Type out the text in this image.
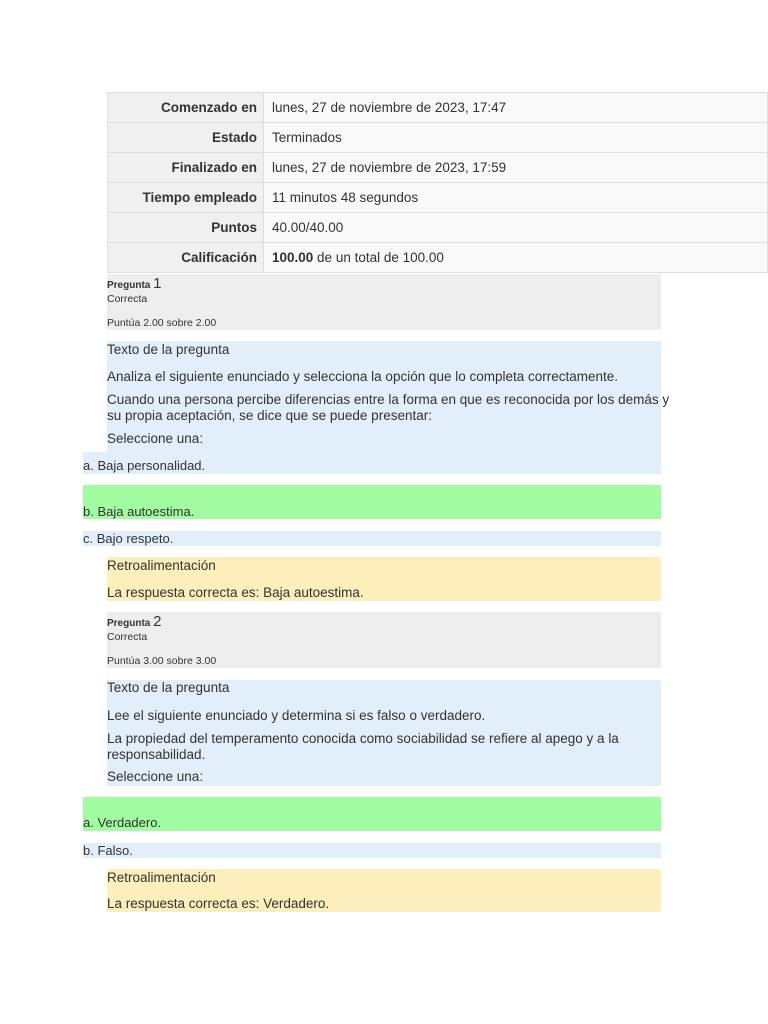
Comenzado en	lunes, 27 de noviembre de 2023, 17:47
Estado	Terminados
Finalizado en	lunes, 27 de noviembre de 2023, 17:59
Tiempo empleado	11 minutos 48 segundos
Puntos	40.00/40.00
Calificación	100.00 de un total de 100.00
Pregunta 1
Correcta
Puntúa 2.00 sobre 2.00
Texto de la pregunta
Analiza el siguiente enunciado y selecciona la opción que lo completa correctamente.
Cuando una persona percibe diferencias entre la forma en que es reconocida por los demás y
su propia aceptación, se dice que se puede presentar:
Seleccione una:
a. Baja personalidad.
b. Baja autoestima.
c. Bajo respeto.
Retroalimentación
La respuesta correcta es: Baja autoestima.
Pregunta 2
Correcta
Puntúa 3.00 sobre 3.00
Texto de la pregunta
Lee el siguiente enunciado y determina si es falso o verdadero.
La propiedad del temperamento conocida como sociabilidad se refiere al apego y a la
responsabilidad.
Seleccione una:
a. Verdadero.
b. Falso.
Retroalimentación
La respuesta correcta es: Verdadero.
